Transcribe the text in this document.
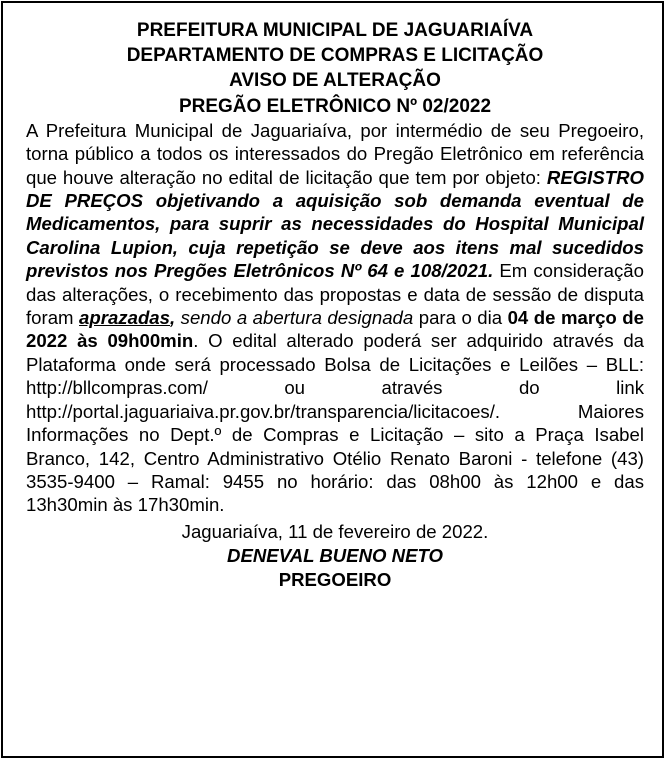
PREFEITURA MUNICIPAL DE JAGUARIAÍVA
DEPARTAMENTO DE COMPRAS E LICITAÇÃO
AVISO DE ALTERAÇÃO
PREGÃO ELETRÔNICO Nº 02/2022
A Prefeitura Municipal de Jaguariaíva, por intermédio de seu Pregoeiro, torna público a todos os interessados do Pregão Eletrônico em referência que houve alteração no edital de licitação que tem por objeto: REGISTRO DE PREÇOS objetivando a aquisição sob demanda eventual de Medicamentos, para suprir as necessidades do Hospital Municipal Carolina Lupion, cuja repetição se deve aos itens mal sucedidos previstos nos Pregões Eletrônicos Nº 64 e 108/2021. Em consideração das alterações, o recebimento das propostas e data de sessão de disputa foram aprazadas, sendo a abertura designada para o dia 04 de março de 2022 às 09h00min. O edital alterado poderá ser adquirido através da Plataforma onde será processado Bolsa de Licitações e Leilões – BLL: http://bllcompras.com/ ou através do link http://portal.jaguariaiva.pr.gov.br/transparencia/licitacoes/. Maiores Informações no Dept.º de Compras e Licitação – sito a Praça Isabel Branco, 142, Centro Administrativo Otélio Renato Baroni - telefone (43) 3535-9400 – Ramal: 9455 no horário: das 08h00 às 12h00 e das 13h30min às 17h30min.
Jaguariaíva, 11 de fevereiro de 2022.
DENEVAL BUENO NETO
PREGOEIRO
